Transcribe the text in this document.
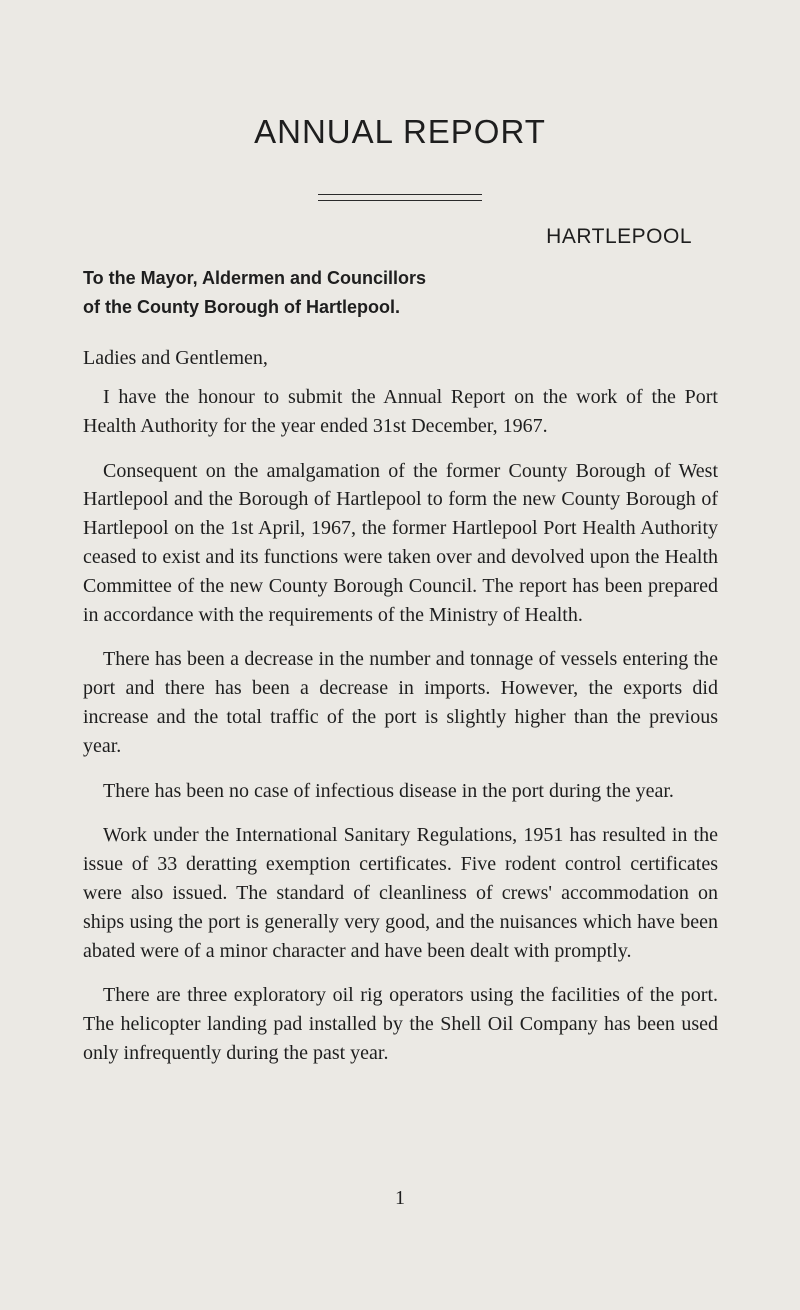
ANNUAL REPORT
HARTLEPOOL
To the Mayor, Aldermen and Councillors
of the County Borough of Hartlepool.

Ladies and Gentlemen,

I have the honour to submit the Annual Report on the work of the Port Health Authority for the year ended 31st December, 1967.

Consequent on the amalgamation of the former County Borough of West Hartlepool and the Borough of Hartlepool to form the new County Borough of Hartlepool on the 1st April, 1967, the former Hartlepool Port Health Authority ceased to exist and its functions were taken over and devolved upon the Health Committee of the new County Borough Council. The report has been prepared in accordance with the requirements of the Ministry of Health.

There has been a decrease in the number and tonnage of vessels entering the port and there has been a decrease in imports. However, the exports did increase and the total traffic of the port is slightly higher than the previous year.

There has been no case of infectious disease in the port during the year.

Work under the International Sanitary Regulations, 1951 has resulted in the issue of 33 deratting exemption certificates. Five rodent control certificates were also issued. The standard of cleanliness of crews' accommodation on ships using the port is generally very good, and the nuisances which have been abated were of a minor character and have been dealt with promptly.

There are three exploratory oil rig operators using the facilities of the port. The helicopter landing pad installed by the Shell Oil Company has been used only infrequently during the past year.

1
